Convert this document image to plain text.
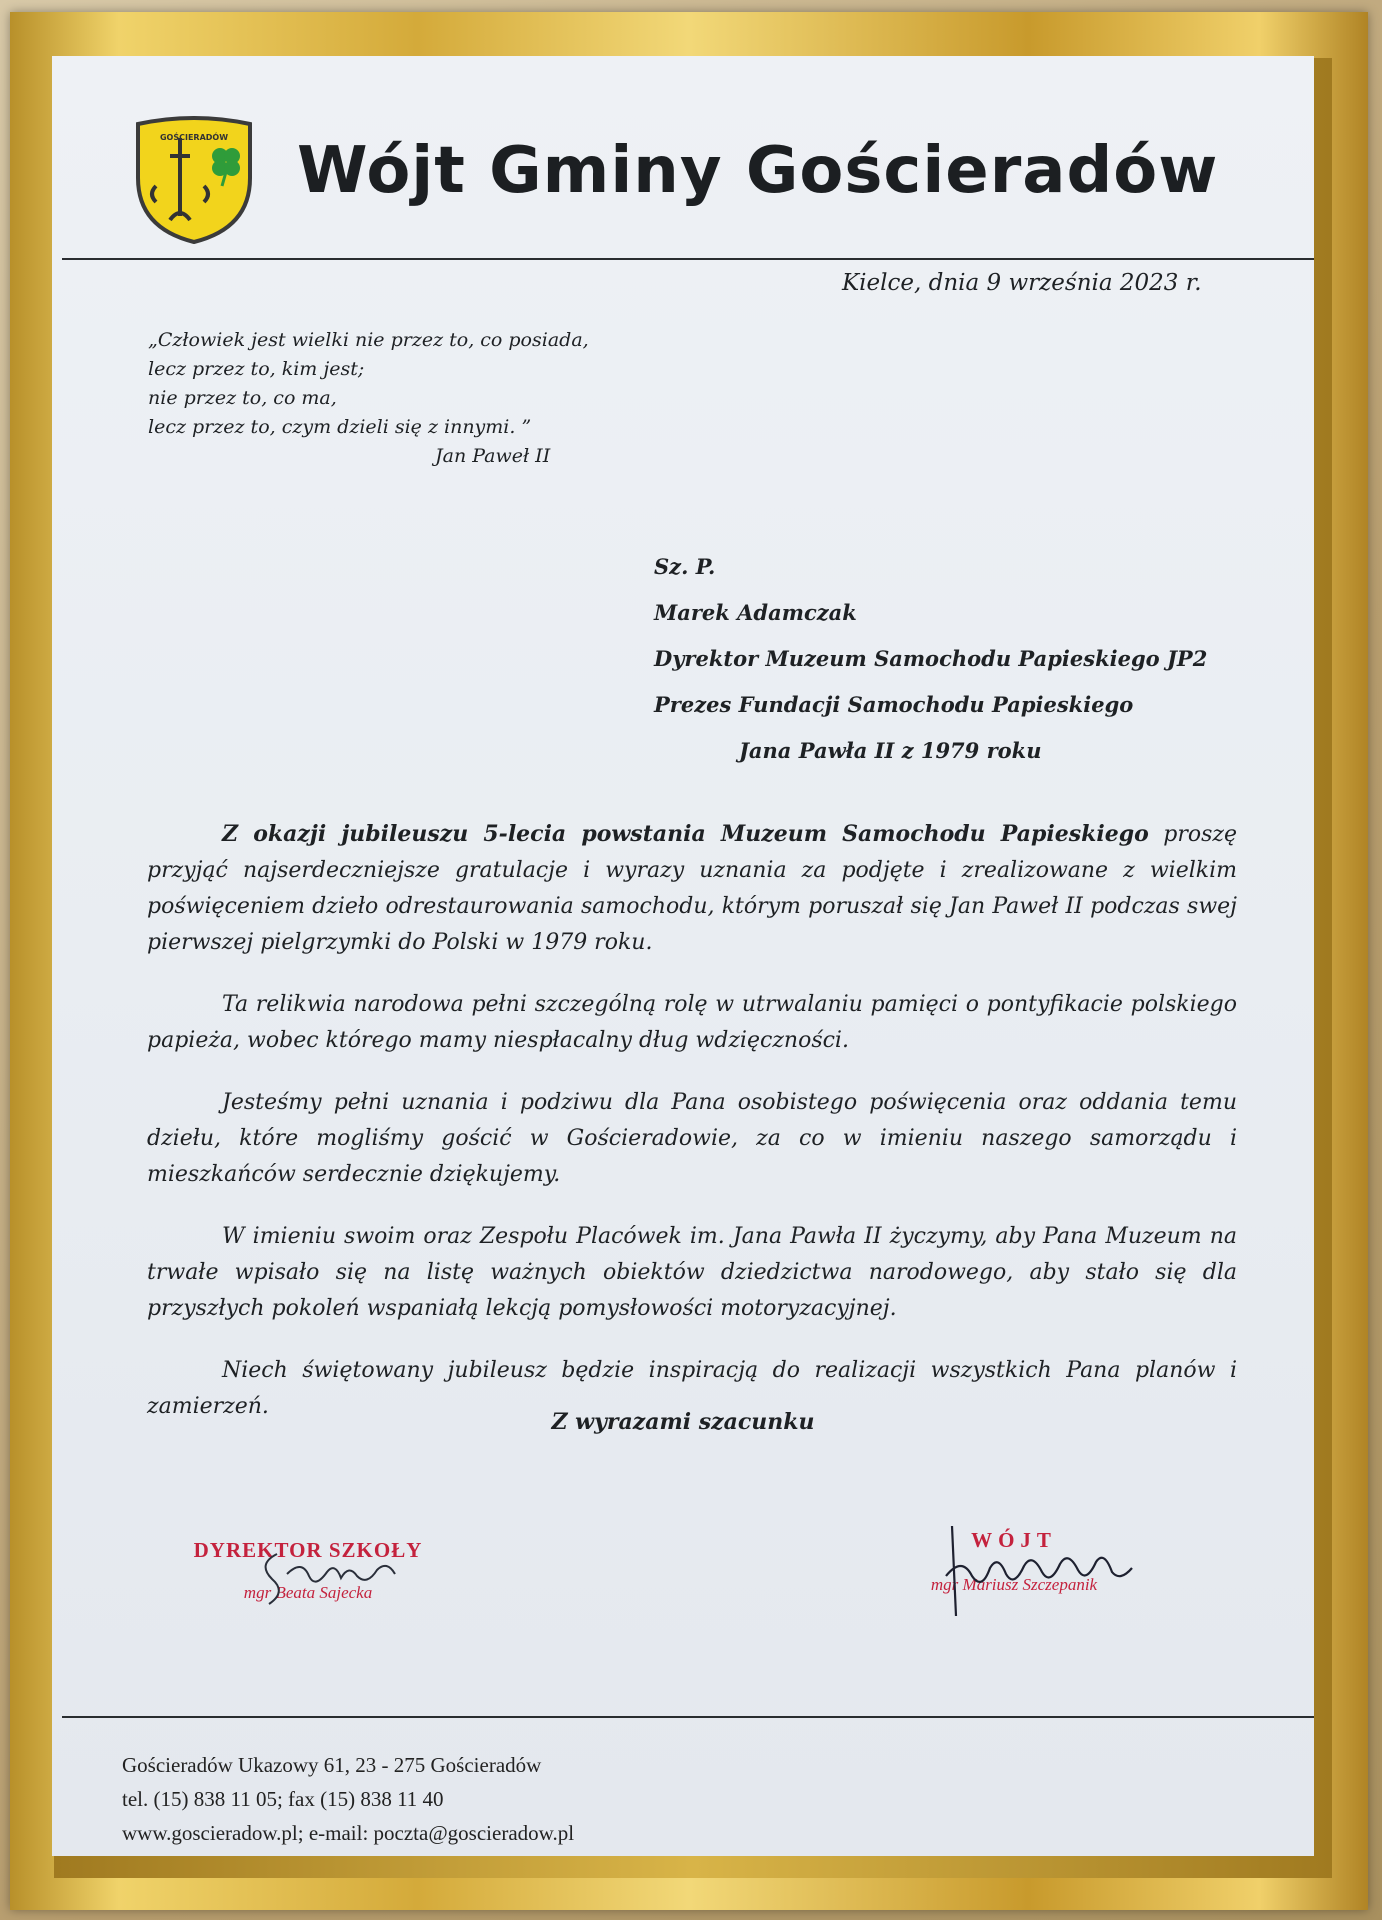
GOŚCIERADÓW Wójt Gminy Gościeradów
Kielce, dnia 9 września 2023 r.
„Człowiek jest wielki nie przez to, co posiada,
lecz przez to, kim jest;
nie przez to, co ma,
lecz przez to, czym dzieli się z innymi. ”
Jan Paweł II
Sz. P.
Marek Adamczak
Dyrektor Muzeum Samochodu Papieskiego JP2
Prezes Fundacji Samochodu Papieskiego
Jana Pawła II z 1979 roku

Z okazji jubileuszu 5-lecia powstania Muzeum Samochodu Papieskiego proszę przyjąć najserdeczniejsze gratulacje i wyrazy uznania za podjęte i zrealizowane z wielkim poświęceniem dzieło odrestaurowania samochodu, którym poruszał się Jan Paweł II podczas swej pierwszej pielgrzymki do Polski w 1979 roku.

Ta relikwia narodowa pełni szczególną rolę w utrwalaniu pamięci o pontyfikacie polskiego papieża, wobec którego mamy niespłacalny dług wdzięczności.

Jesteśmy pełni uznania i podziwu dla Pana osobistego poświęcenia oraz oddania temu dziełu, które mogliśmy gościć w Gościeradowie, za co w imieniu naszego samorządu i mieszkańców serdecznie dziękujemy.

W imieniu swoim oraz Zespołu Placówek im. Jana Pawła II życzymy, aby Pana Muzeum na trwałe wpisało się na listę ważnych obiektów dziedzictwa narodowego, aby stało się dla przyszłych pokoleń wspaniałą lekcją pomysłowości motoryzacyjnej.

Niech świętowany jubileusz będzie inspiracją do realizacji wszystkich Pana planów i zamierzeń.

Z wyrazami szacunku
DYREKTOR SZKOŁY
mgr Beata Sajecka
WÓJT
mgr Mariusz Szczepanik
Gościeradów Ukazowy 61, 23 - 275 Gościeradów
tel. (15) 838 11 05; fax (15) 838 11 40
www.goscieradow.pl; e-mail: poczta@goscieradow.pl
